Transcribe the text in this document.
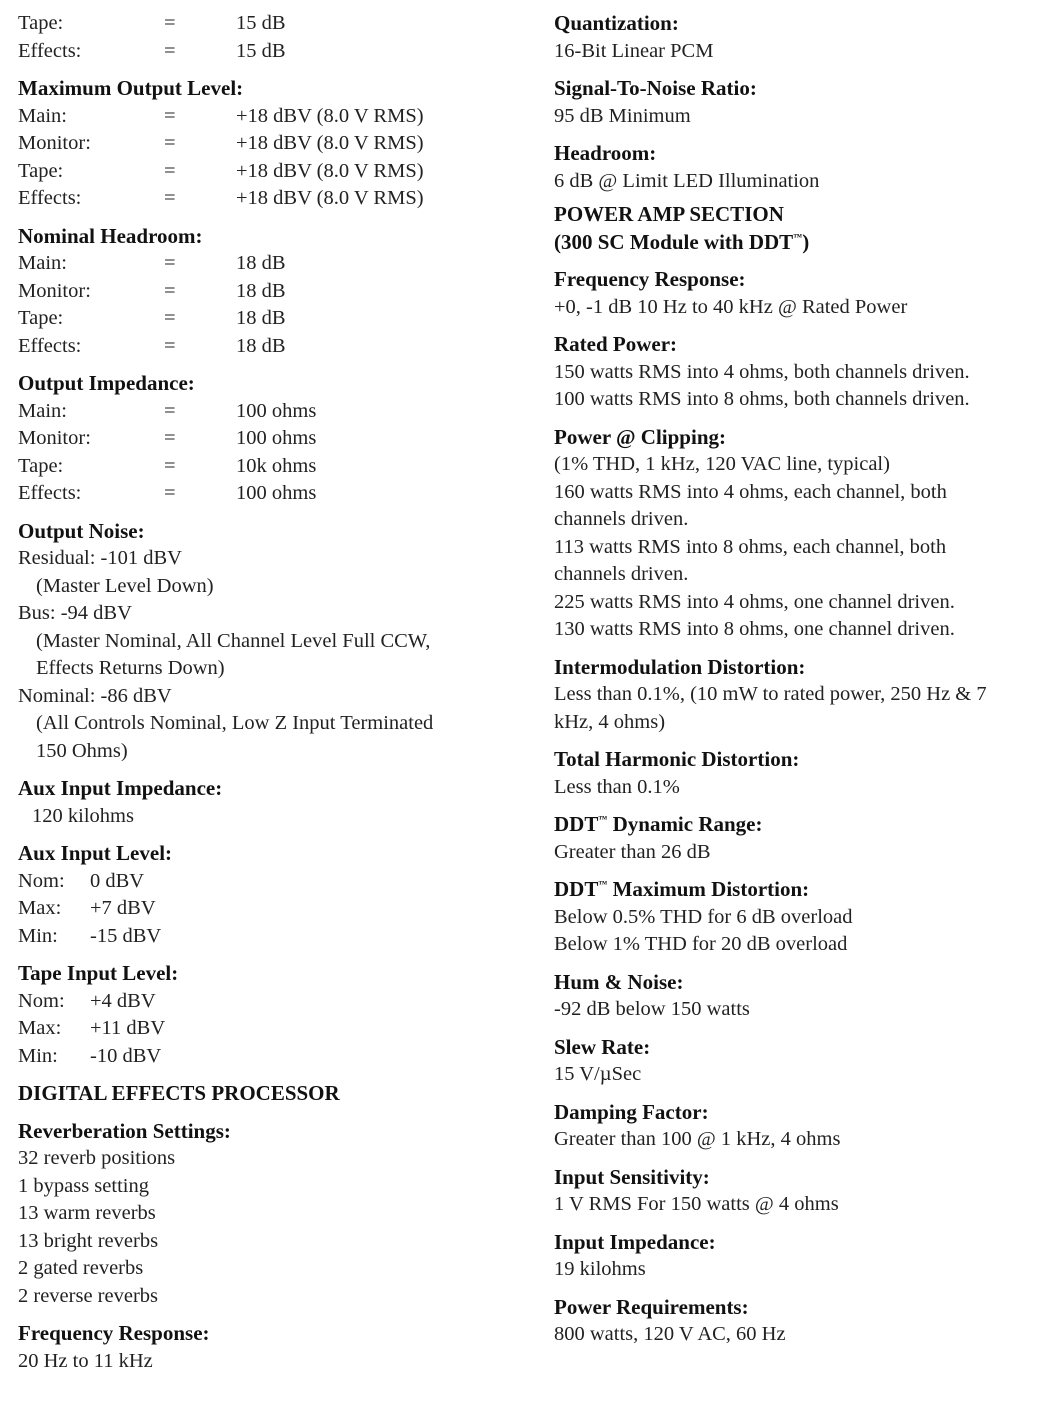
Tape:	=	15 dB
Effects:	=	15 dB
Maximum Output Level:
Main:	=	+18 dBV (8.0 V RMS)
Monitor:	=	+18 dBV (8.0 V RMS)
Tape:	=	+18 dBV (8.0 V RMS)
Effects:	=	+18 dBV (8.0 V RMS)
Nominal Headroom:
Main:	=	18 dB
Monitor:	=	18 dB
Tape:	=	18 dB
Effects:	=	18 dB
Output Impedance:
Main:	=	100 ohms
Monitor:	=	100 ohms
Tape:	=	10k ohms
Effects:	=	100 ohms
Output Noise:
Residual: -101 dBV
(Master Level Down)
Bus: -94 dBV
(Master Nominal, All Channel Level Full CCW,
Effects Returns Down)
Nominal: -86 dBV
(All Controls Nominal, Low Z Input Terminated
150 Ohms)
Aux Input Impedance:
120 kilohms
Aux Input Level:
Nom:	0 dBV
Max:	+7 dBV
Min:	-15 dBV
Tape Input Level:
Nom:	+4 dBV
Max:	+11 dBV
Min:	-10 dBV
DIGITAL EFFECTS PROCESSOR
Reverberation Settings:
32 reverb positions
1 bypass setting
13 warm reverbs
13 bright reverbs
2 gated reverbs
2 reverse reverbs
Frequency Response:
20 Hz to 11 kHz
Quantization:
16-Bit Linear PCM
Signal-To-Noise Ratio:
95 dB Minimum
Headroom:
6 dB @ Limit LED Illumination
POWER AMP SECTION
(300 SC Module with DDT™)
Frequency Response:
+0, -1 dB 10 Hz to 40 kHz @ Rated Power
Rated Power:
150 watts RMS into 4 ohms, both channels driven.
100 watts RMS into 8 ohms, both channels driven.
Power @ Clipping:
(1% THD, 1 kHz, 120 VAC line, typical)
160 watts RMS into 4 ohms, each channel, both
channels driven.
113 watts RMS into 8 ohms, each channel, both
channels driven.
225 watts RMS into 4 ohms, one channel driven.
130 watts RMS into 8 ohms, one channel driven.
Intermodulation Distortion:
Less than 0.1%, (10 mW to rated power, 250 Hz & 7
kHz, 4 ohms)
Total Harmonic Distortion:
Less than 0.1%
DDT™ Dynamic Range:
Greater than 26 dB
DDT™ Maximum Distortion:
Below 0.5% THD for 6 dB overload
Below 1% THD for 20 dB overload
Hum & Noise:
-92 dB below 150 watts
Slew Rate:
15 V/µSec
Damping Factor:
Greater than 100 @ 1 kHz, 4 ohms
Input Sensitivity:
1 V RMS For 150 watts @ 4 ohms
Input Impedance:
19 kilohms
Power Requirements:
800 watts, 120 V AC, 60 Hz
